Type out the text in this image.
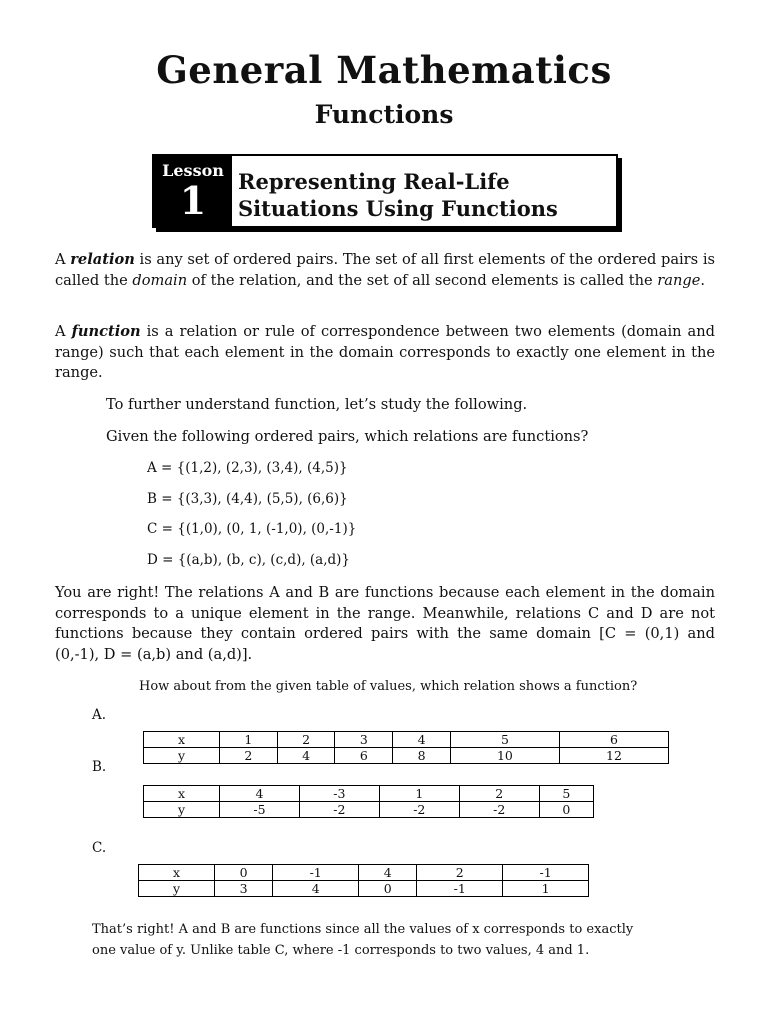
General Mathematics
Functions
Lesson
1	Representing Real-Life
Situations Using Functions

A relation is any set of ordered pairs. The set of all first elements of the ordered pairs is called the domain of the relation, and the set of all second elements is called the range.

A function is a relation or rule of correspondence between two elements (domain and range) such that each element in the domain corresponds to exactly one element in the range.

To further understand function, let’s study the following.

Given the following ordered pairs, which relations are functions?

A = {(1,2), (2,3), (3,4), (4,5)}

B = {(3,3), (4,4), (5,5), (6,6)}

C = {(1,0), (0, 1, (-1,0), (0,-1)}

D = {(a,b), (b, c), (c,d), (a,d)}

You are right! The relations A and B are functions because each element in the domain corresponds to a unique element in the range. Meanwhile, relations C and D are not functions because they contain ordered pairs with the same domain [C = (0,1) and (0,-1), D = (a,b) and (a,d)].

How about from the given table of values, which relation shows a function?

A.

x	1	2	3	4	5	6
y	2	4	6	8	10	12

B.

x	4	-3	1	2	5
y	-5	-2	-2	-2	0

C.

x	0	-1	4	2	-1
y	3	4	0	-1	1

That’s right! A and B are functions since all the values of x corresponds to exactly one value of y. Unlike table C, where -1 corresponds to two values, 4 and 1.
